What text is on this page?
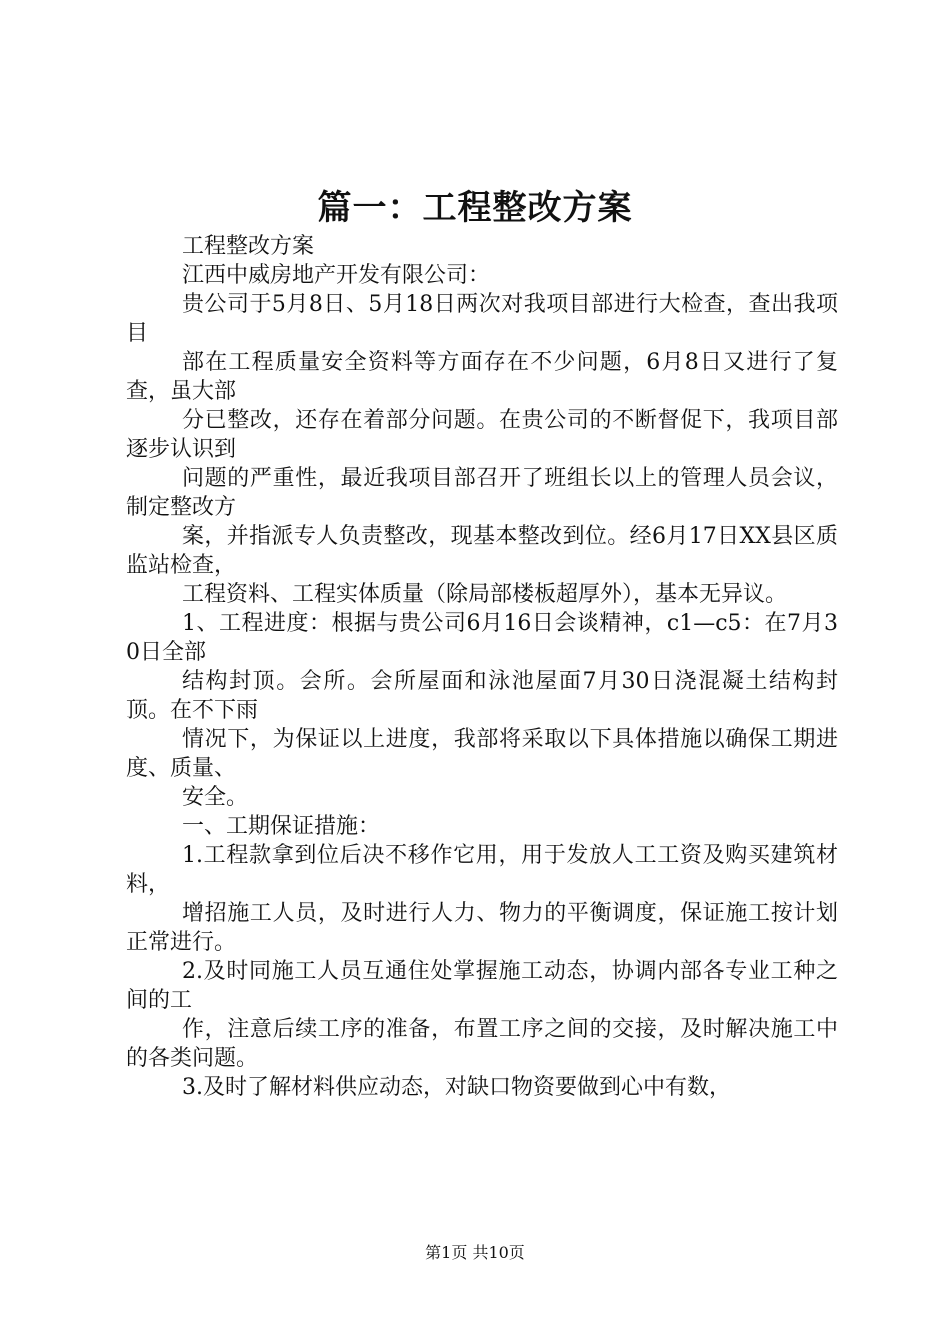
篇一：工程整改方案

工程整改方案

江西中威房地产开发有限公司：

贵公司于5月8日、5月18日两次对我项目部进行大检查，查出我项目

部在工程质量安全资料等方面存在不少问题，6月8日又进行了复查，虽大部

分已整改，还存在着部分问题。在贵公司的不断督促下，我项目部逐步认识到

问题的严重性，最近我项目部召开了班组长以上的管理人员会议，制定整改方

案，并指派专人负责整改，现基本整改到位。经6月17日XX县区质监站检查，

工程资料、工程实体质量（除局部楼板超厚外），基本无异议。

1、工程进度：根据与贵公司6月16日会谈精神，c1—c5：在7月30日全部

结构封顶。会所。会所屋面和泳池屋面7月30日浇混凝土结构封顶。在不下雨

情况下，为保证以上进度，我部将采取以下具体措施以确保工期进度、质量、

安全。

一、工期保证措施：

1.工程款拿到位后决不移作它用，用于发放人工工资及购买建筑材料，

增招施工人员，及时进行人力、物力的平衡调度，保证施工按计划正常进行。

2.及时同施工人员互通住处掌握施工动态，协调内部各专业工种之间的工

作，注意后续工序的准备，布置工序之间的交接，及时解决施工中的各类问题。

3.及时了解材料供应动态，对缺口物资要做到心中有数，

第1页 共10页
